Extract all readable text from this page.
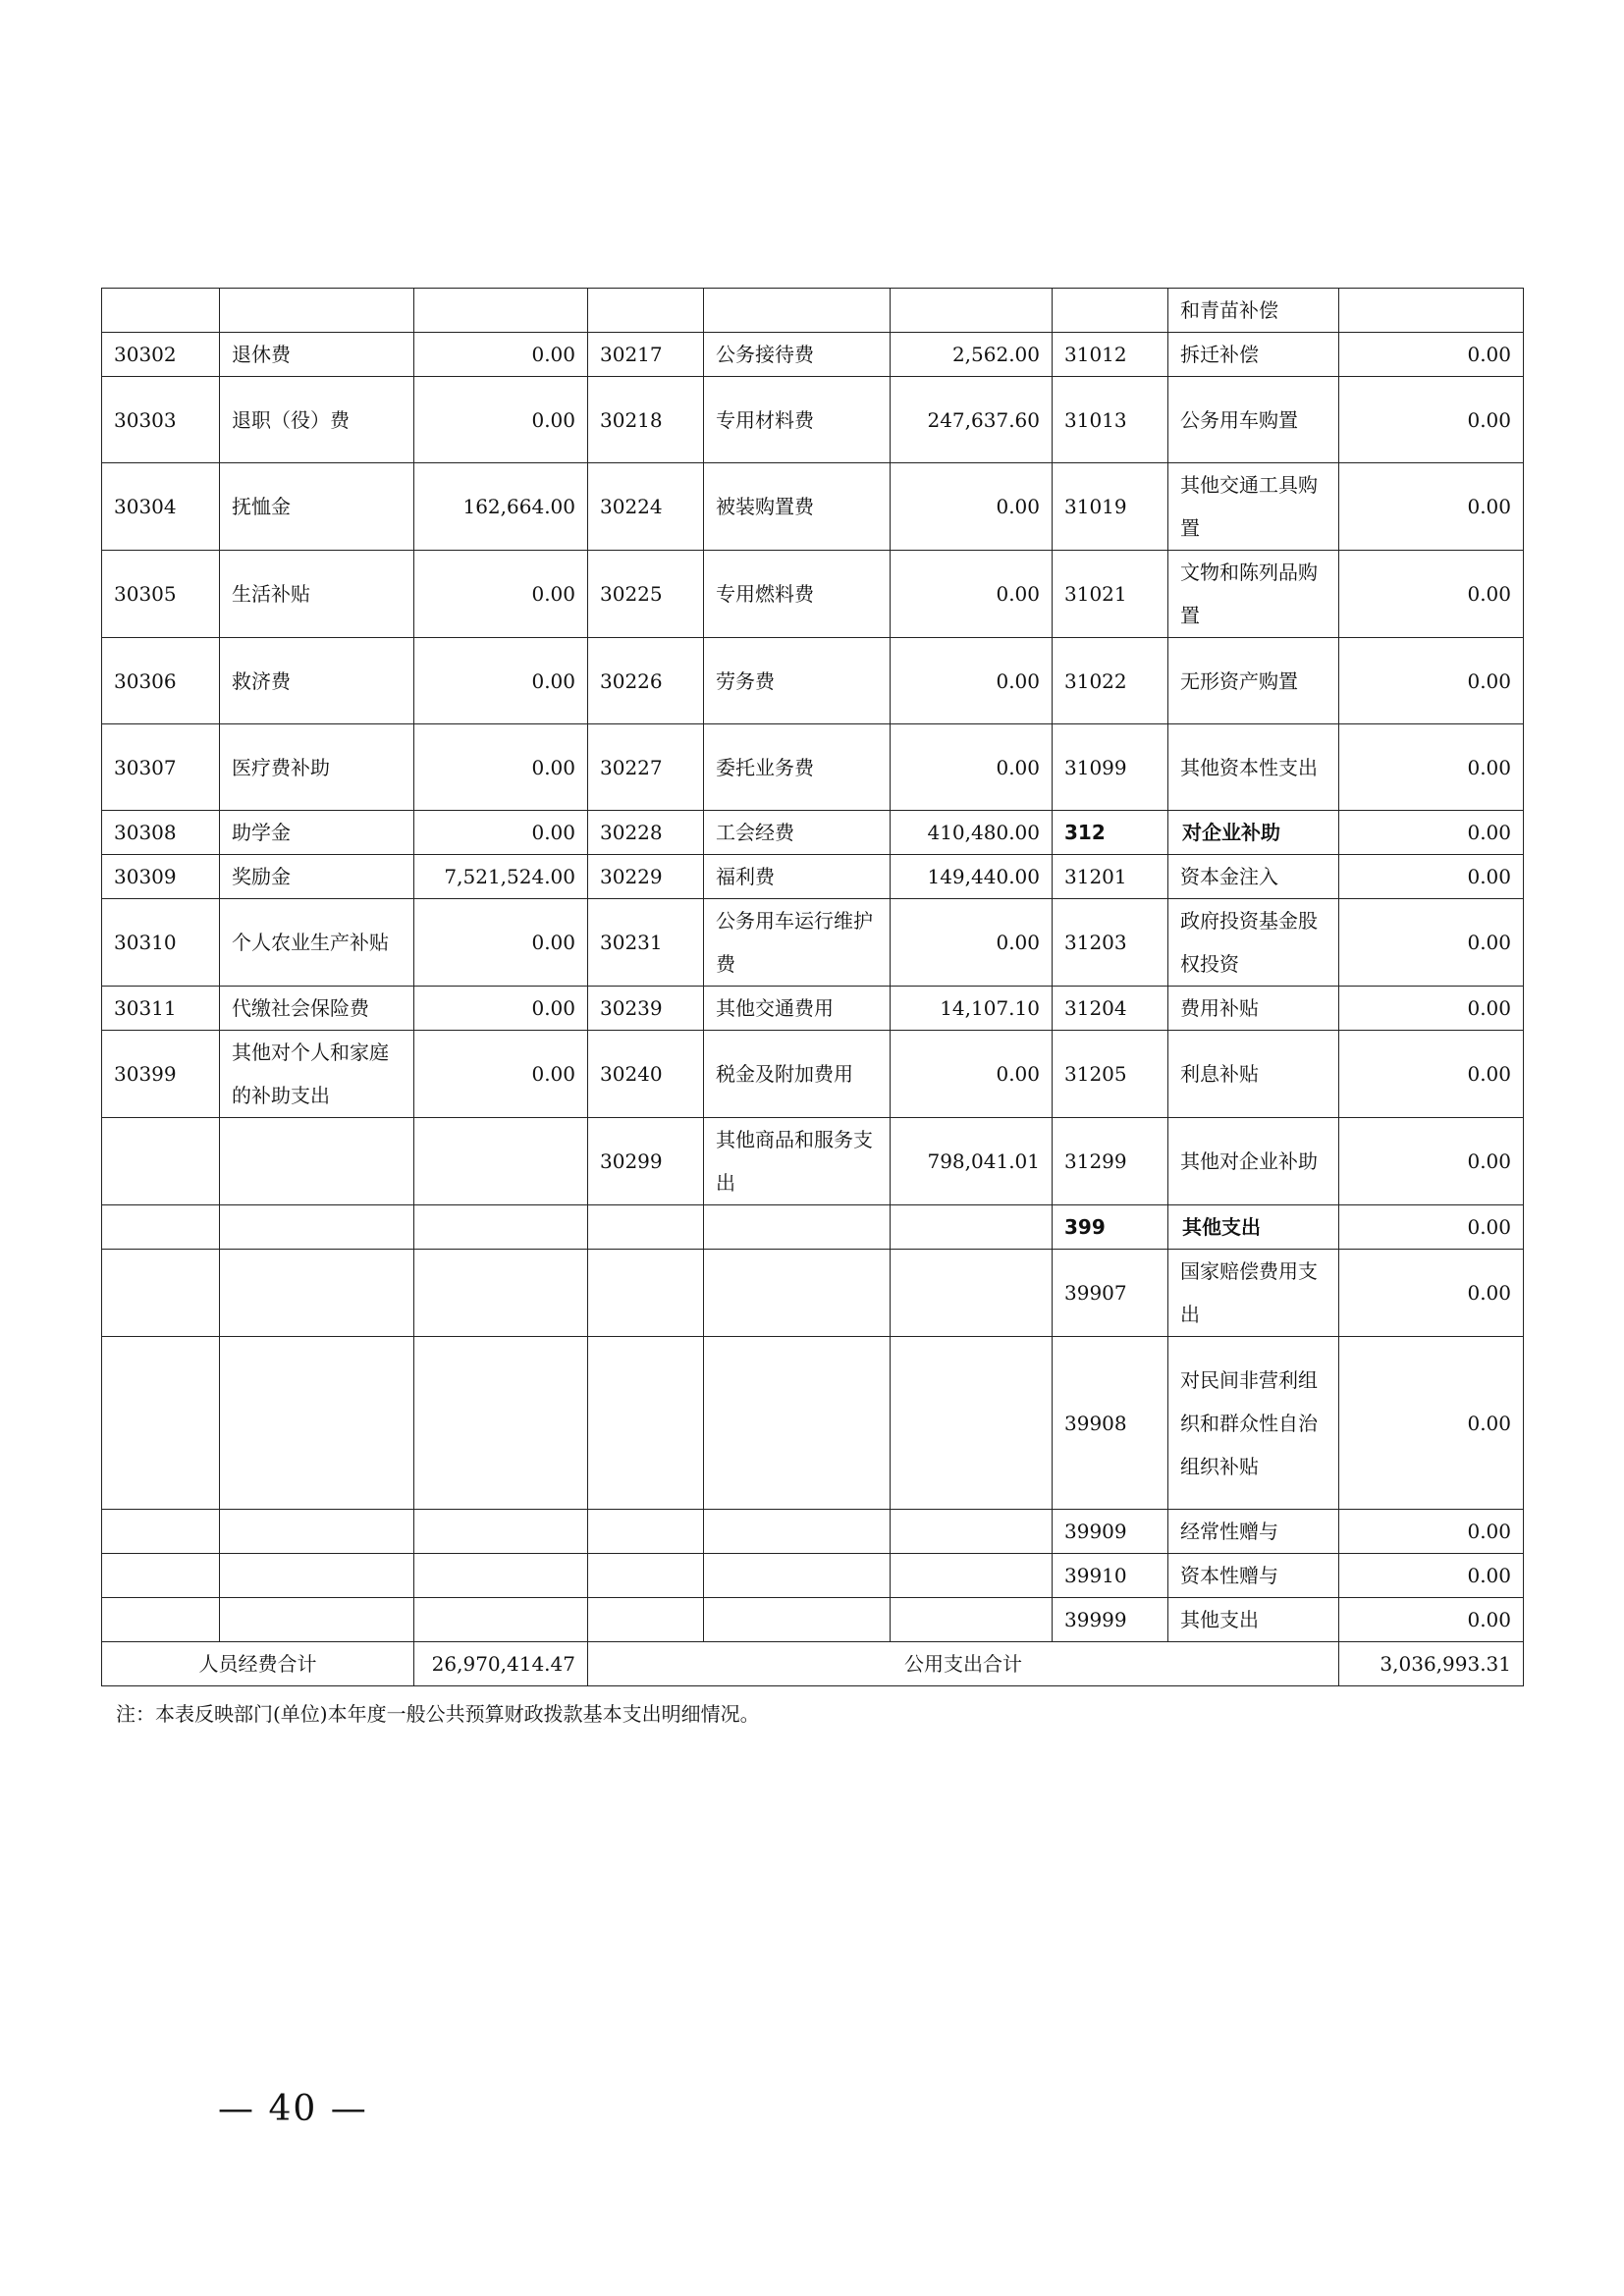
							和青苗补偿	
30302	退休费	0.00	30217	公务接待费	2,562.00	31012	拆迁补偿	0.00
30303	退职（役）费	0.00	30218	专用材料费	247,637.60	31013	公务用车购置	0.00
30304	抚恤金	162,664.00	30224	被装购置费	0.00	31019	其他交通工具购置	0.00
30305	生活补贴	0.00	30225	专用燃料费	0.00	31021	文物和陈列品购置	0.00
30306	救济费	0.00	30226	劳务费	0.00	31022	无形资产购置	0.00
30307	医疗费补助	0.00	30227	委托业务费	0.00	31099	其他资本性支出	0.00
30308	助学金	0.00	30228	工会经费	410,480.00	312	对企业补助	0.00
30309	奖励金	7,521,524.00	30229	福利费	149,440.00	31201	资本金注入	0.00
30310	个人农业生产补贴	0.00	30231	公务用车运行维护费	0.00	31203	政府投资基金股权投资	0.00
30311	代缴社会保险费	0.00	30239	其他交通费用	14,107.10	31204	费用补贴	0.00
30399	其他对个人和家庭的补助支出	0.00	30240	税金及附加费用	0.00	31205	利息补贴	0.00
			30299	其他商品和服务支出	798,041.01	31299	其他对企业补助	0.00
						399	其他支出	0.00
						39907	国家赔偿费用支出	0.00
						39908	对民间非营利组织和群众性自治组织补贴	0.00
						39909	经常性赠与	0.00
						39910	资本性赠与	0.00
						39999	其他支出	0.00
人员经费合计		26,970,414.47	公用支出合计					3,036,993.31
注：本表反映部门(单位)本年度一般公共预算财政拨款基本支出明细情况。
— 40 —
